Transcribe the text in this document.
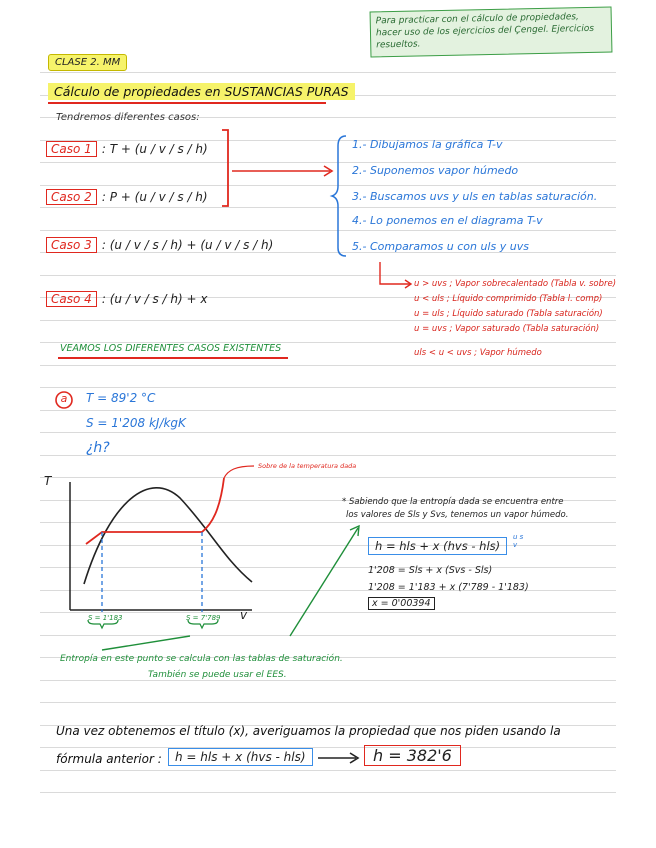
Para practicar con el cálculo de propiedades, hacer uso de los ejercicios del Çengel. Ejercicios resueltos.
CLASE 2. MM
Cálculo de propiedades en SUSTANCIAS PURAS
Tendremos diferentes casos:
Caso 1 : T + (u / v / s / h)
Caso 2 : P + (u / v / s / h)
Caso 3 : (u / v / s / h) + (u / v / s / h)
Caso 4 : (u / v / s / h) + x
1.- Dibujamos la gráfica T-v
2.- Suponemos vapor húmedo
3.- Buscamos uvs y uls en tablas saturación.
4.- Lo ponemos en el diagrama T-v
5.- Comparamos u con uls y uvs
u > uvs ; Vapor sobrecalentado (Tabla v. sobre)
u < uls ; Líquido comprimido (Tabla l. comp)
u = uls ; Líquido saturado (Tabla saturación)
u = uvs ; Vapor saturado (Tabla saturación)
uls < u < uvs ; Vapor húmedo
VEAMOS LOS DIFERENTES CASOS EXISTENTES
a	T = 89'2 °C
S = 1'208 kJ/kgK
¿h?
T
v
Sobre de la temperatura dada
S = 1'183	S = 7'789
Entropía en este punto se calcula con las tablas de saturación.
También se puede usar el EES.
* Sabiendo que la entropía dada se encuentra entre
los valores de Sls y Svs, tenemos un vapor húmedo.
h = hls + x (hvs - hls)
u s v
1'208 = Sls + x (Svs - Sls)
1'208 = 1'183 + x (7'789 - 1'183)
x = 0'00394
Una vez obtenemos el título (x), averiguamos la propiedad que nos piden usando la
fórmula anterior :	h = hls + x (hvs - hls)	h = 382'6
